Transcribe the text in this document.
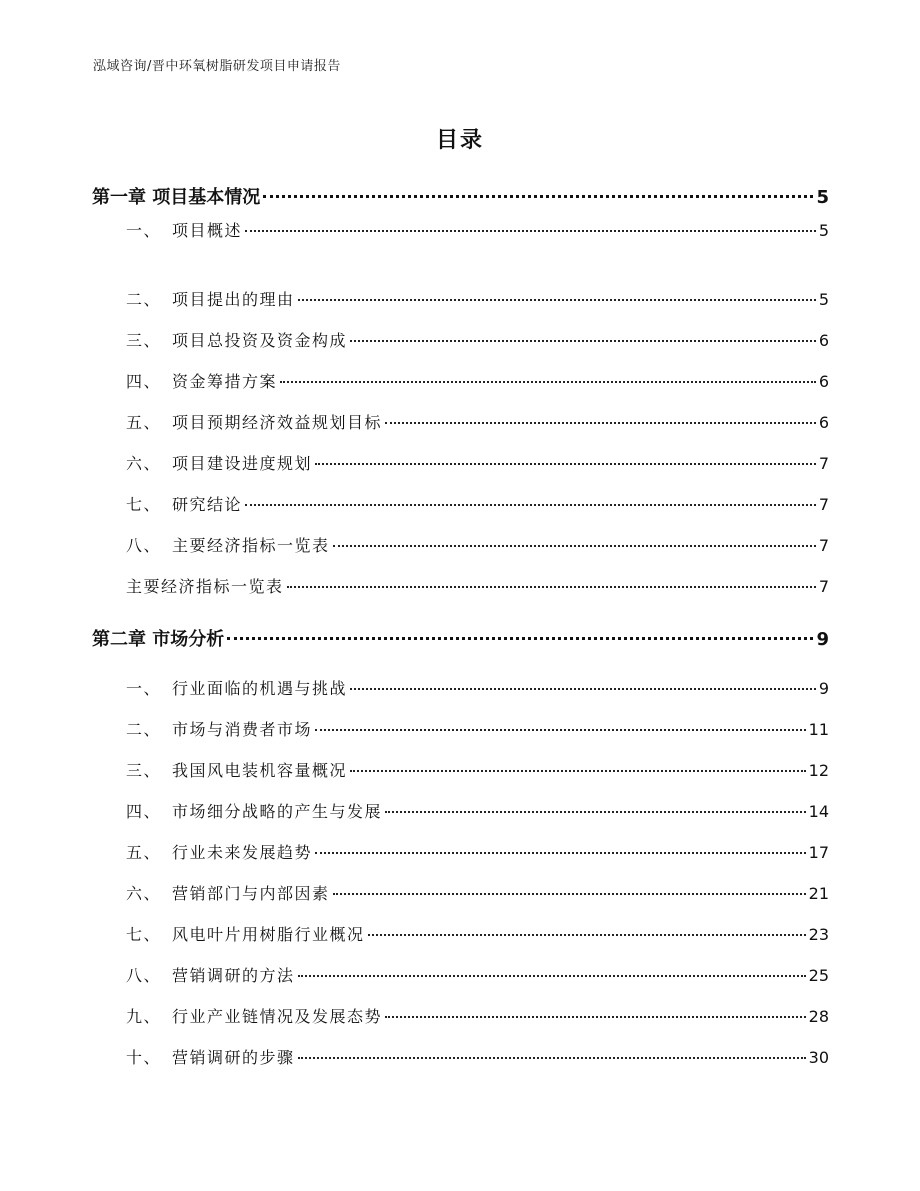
泓域咨询/晋中环氧树脂研发项目申请报告
目录
第一章 项目基本情况	5
一、 项目概述	5
二、 项目提出的理由	5
三、 项目总投资及资金构成	6
四、 资金筹措方案	6
五、 项目预期经济效益规划目标	6
六、 项目建设进度规划	7
七、 研究结论	7
八、 主要经济指标一览表	7
主要经济指标一览表	7
第二章 市场分析	9
一、 行业面临的机遇与挑战	9
二、 市场与消费者市场	11
三、 我国风电装机容量概况	12
四、 市场细分战略的产生与发展	14
五、 行业未来发展趋势	17
六、 营销部门与内部因素	21
七、 风电叶片用树脂行业概况	23
八、 营销调研的方法	25
九、 行业产业链情况及发展态势	28
十、 营销调研的步骤	30
